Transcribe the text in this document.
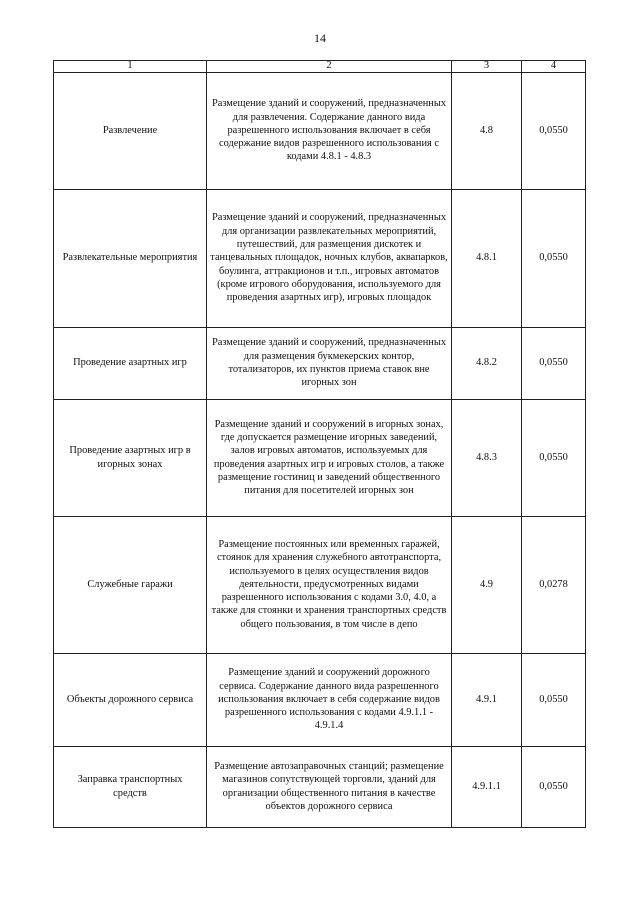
14
1	2	3	4
Развлечение	Размещение зданий и сооружений, предназначенных для развлечения. Содержание данного вида разрешенного использования включает в себя содержание видов разрешенного использования с кодами 4.8.1 - 4.8.3	4.8	0,0550
Развлекательные мероприятия	Размещение зданий и сооружений, предназначенных для организации развлекательных мероприятий, путешествий, для размещения дискотек и танцевальных площадок, ночных клубов, аквапарков, боулинга, аттракционов и т.п., игровых автоматов (кроме игрового оборудования, используемого для проведения азартных игр), игровых площадок	4.8.1	0,0550
Проведение азартных игр	Размещение зданий и сооружений, предназначенных для размещения букмекерских контор, тотализаторов, их пунктов приема ставок вне игорных зон	4.8.2	0,0550
Проведение азартных игр в игорных зонах	Размещение зданий и сооружений в игорных зонах, где допускается размещение игорных заведений, залов игровых автоматов, используемых для проведения азартных игр и игровых столов, а также размещение гостиниц и заведений общественного питания для посетителей игорных зон	4.8.3	0,0550
Служебные гаражи	Размещение постоянных или временных гаражей, стоянок для хранения служебного автотранспорта, используемого в целях осуществления видов деятельности, предусмотренных видами разрешенного использования с кодами 3.0, 4.0, а также для стоянки и хранения транспортных средств общего пользования, в том числе в депо	4.9	0,0278
Объекты дорожного сервиса	Размещение зданий и сооружений дорожного сервиса. Содержание данного вида разрешенного использования включает в себя содержание видов разрешенного использования с кодами 4.9.1.1 - 4.9.1.4	4.9.1	0,0550
Заправка транспортных средств	Размещение автозаправочных станций; размещение магазинов сопутствующей торговли, зданий для организации общественного питания в качестве объектов дорожного сервиса	4.9.1.1	0,0550
